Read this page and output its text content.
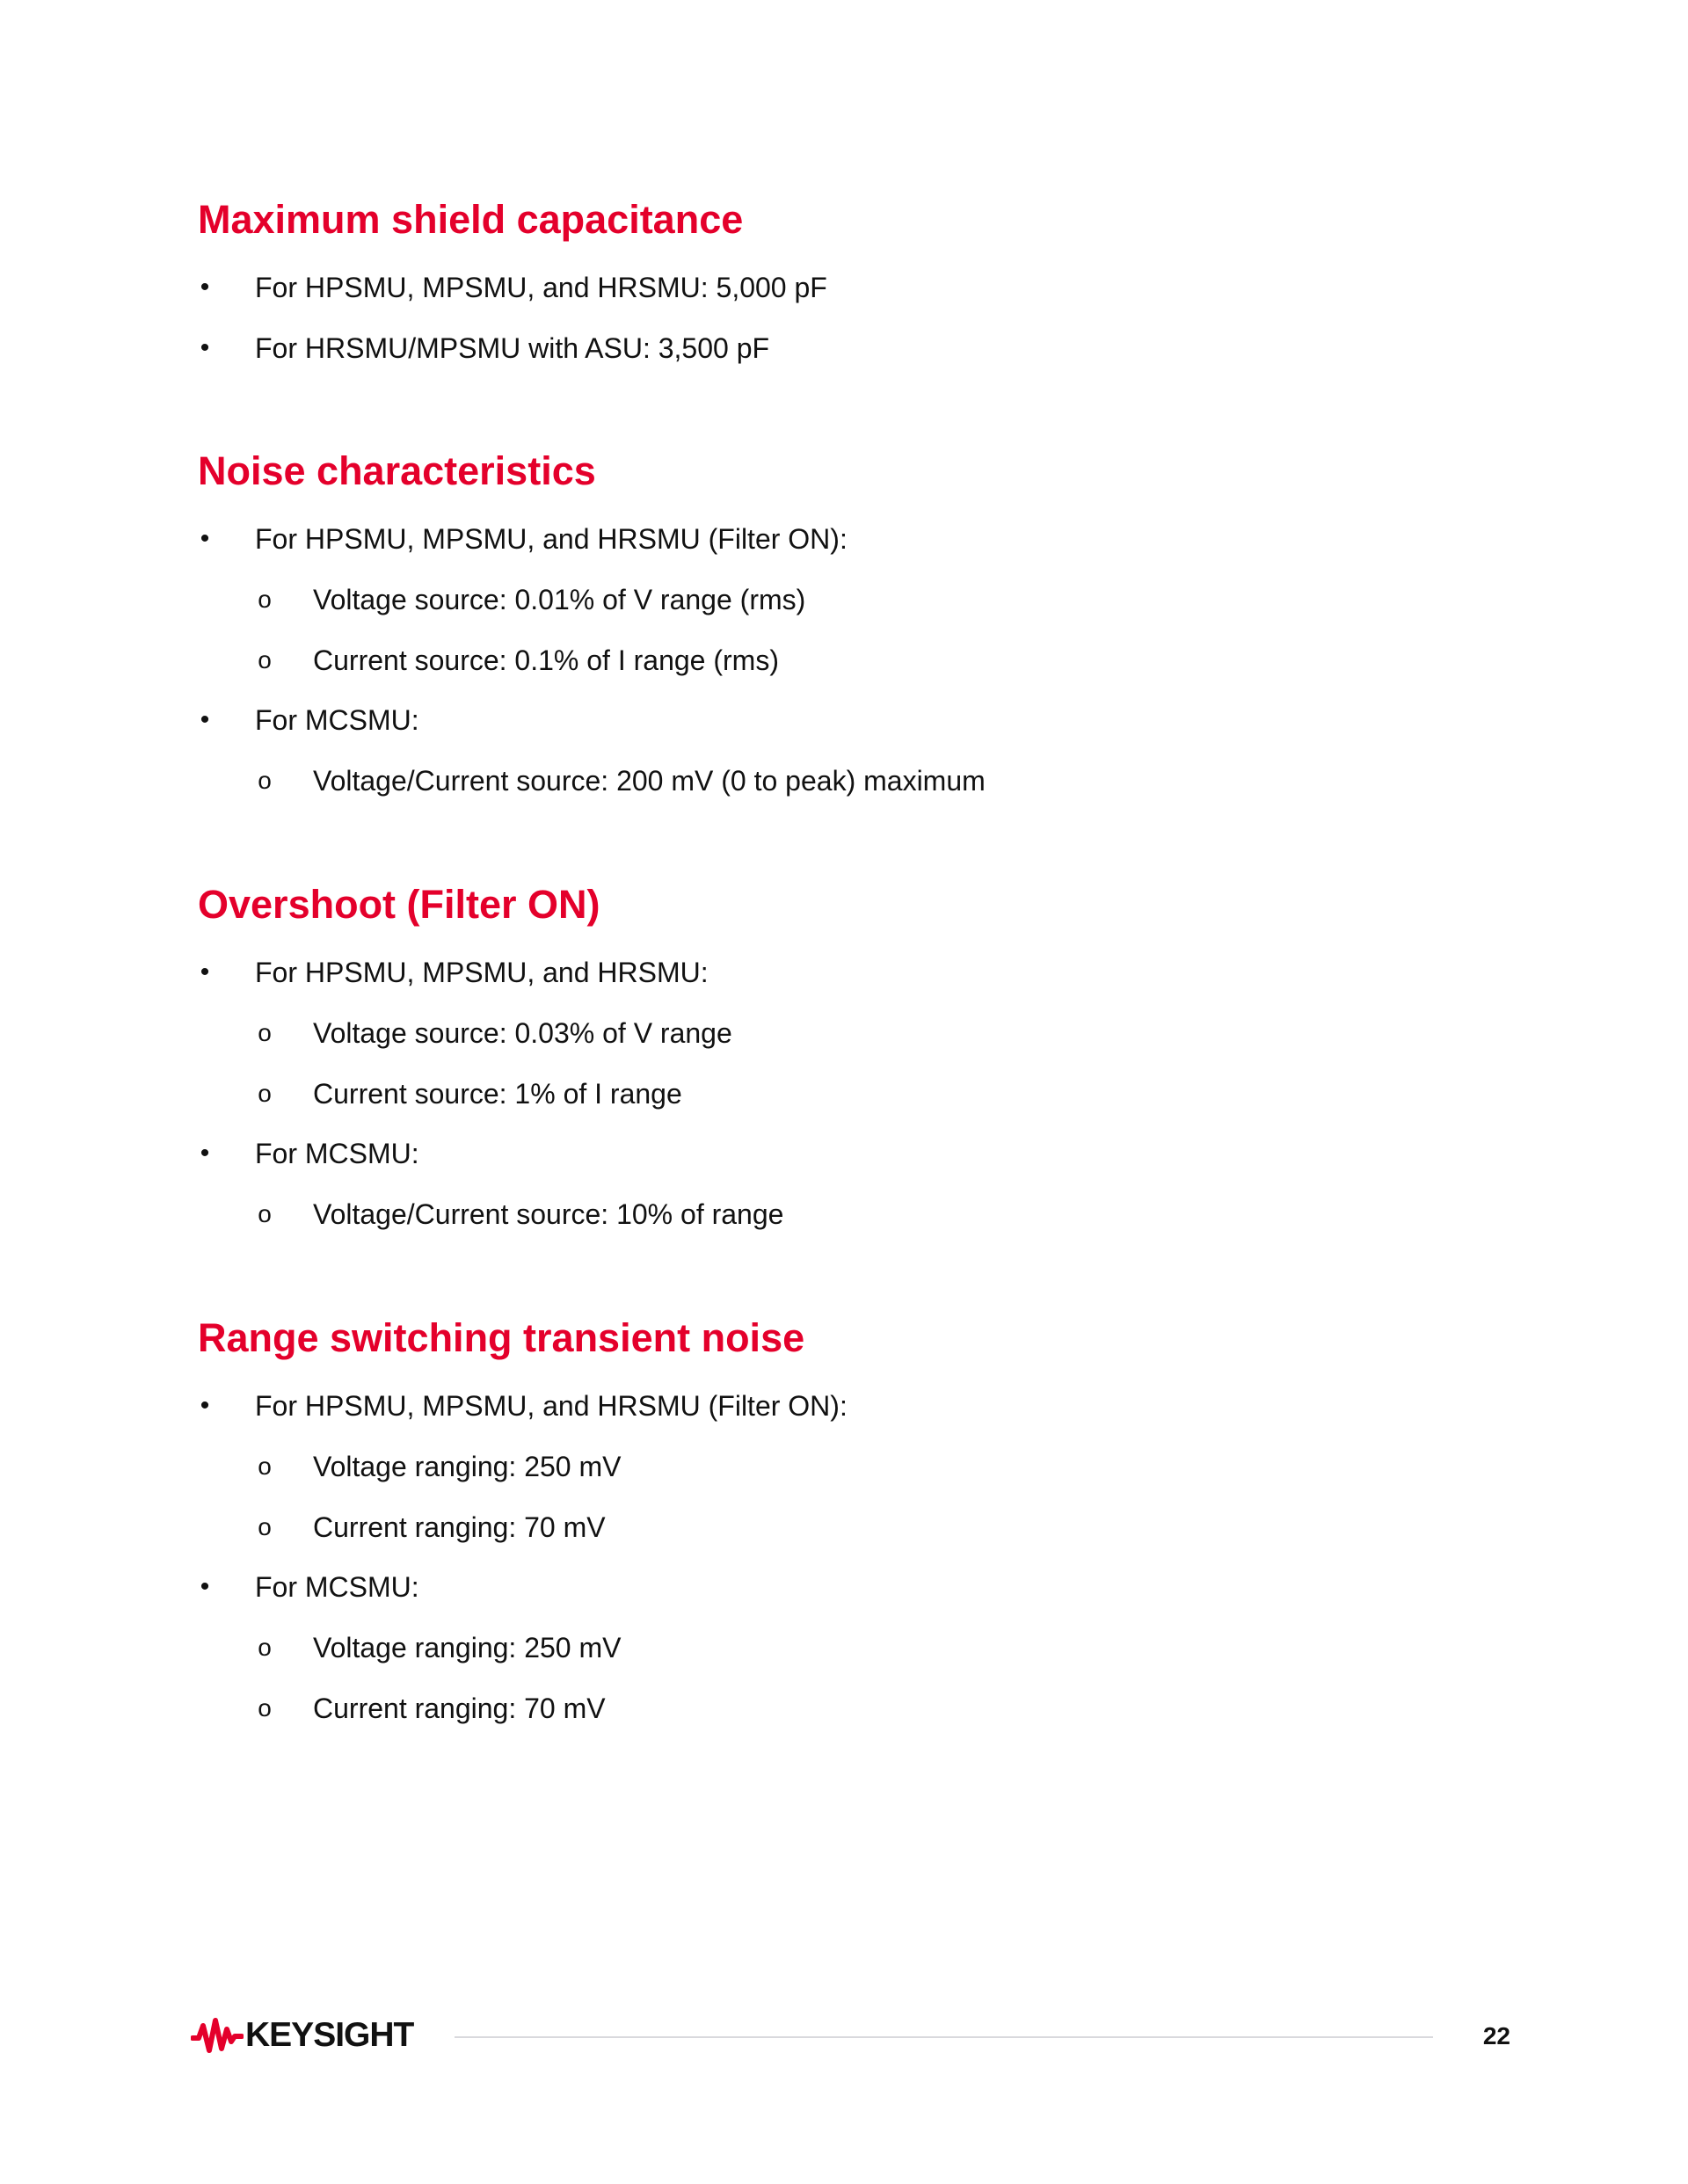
Maximum shield capacitance
•	For HPSMU, MPSMU, and HRSMU: 5,000 pF
•	For HRSMU/MPSMU with ASU: 3,500 pF
Noise characteristics
•	For HPSMU, MPSMU, and HRSMU (Filter ON):
o Voltage source: 0.01% of V range (rms)
o Current source: 0.1% of I range (rms)
•	For MCSMU:
o Voltage/Current source: 200 mV (0 to peak) maximum
Overshoot (Filter ON)
•	For HPSMU, MPSMU, and HRSMU:
o Voltage source: 0.03% of V range
o Current source: 1% of I range
•	For MCSMU:
o Voltage/Current source: 10% of range
Range switching transient noise
•	For HPSMU, MPSMU, and HRSMU (Filter ON):
o Voltage ranging: 250 mV
o Current ranging: 70 mV
•	For MCSMU:
o Voltage ranging: 250 mV
o Current ranging: 70 mV
KEYSIGHT	22
